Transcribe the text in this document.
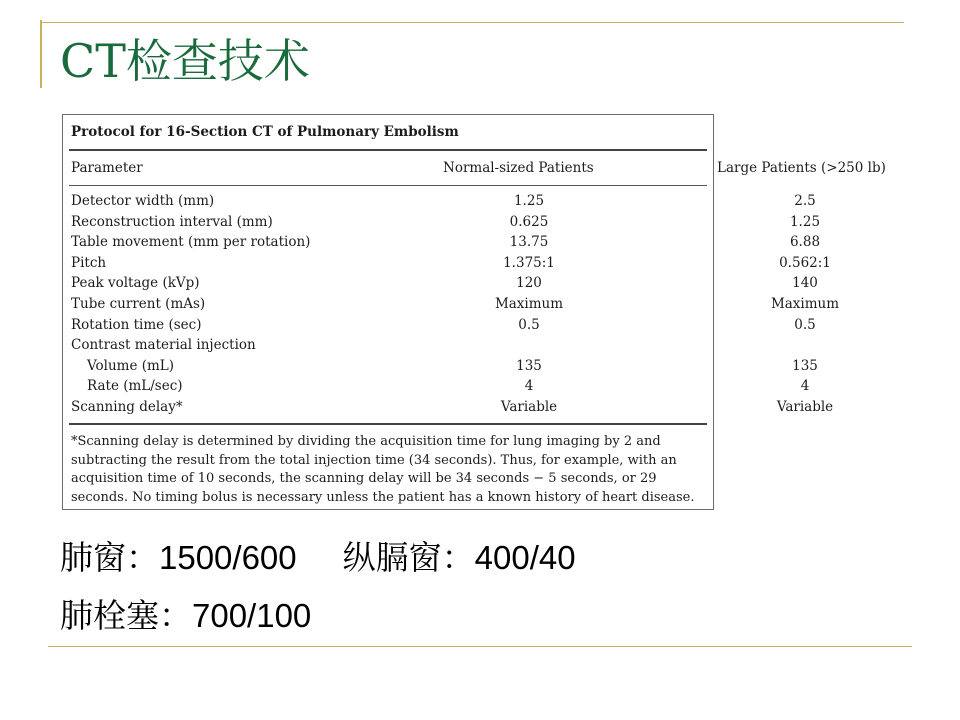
CT检查技术
Protocol for 16-Section CT of Pulmonary Embolism
Parameter	Normal-sized Patients	Large Patients (>250 lb)
Detector width (mm)	1.25	2.5
Reconstruction interval (mm)	0.625	1.25
Table movement (mm per rotation)	13.75	6.88
Pitch	1.375:1	0.562:1
Peak voltage (kVp)	120	140
Tube current (mAs)	Maximum	Maximum
Rotation time (sec)	0.5	0.5
Contrast material injection
Volume (mL)	135	135
Rate (mL/sec)	4	4
Scanning delay*	Variable	Variable
*Scanning delay is determined by dividing the acquisition time for lung imaging by 2 and subtracting the result from the total injection time (34 seconds). Thus, for example, with an acquisition time of 10 seconds, the scanning delay will be 34 seconds − 5 seconds, or 29 seconds. No timing bolus is necessary unless the patient has a known history of heart disease.
肺窗：1500/600 纵膈窗：400/40
肺栓塞：700/100
